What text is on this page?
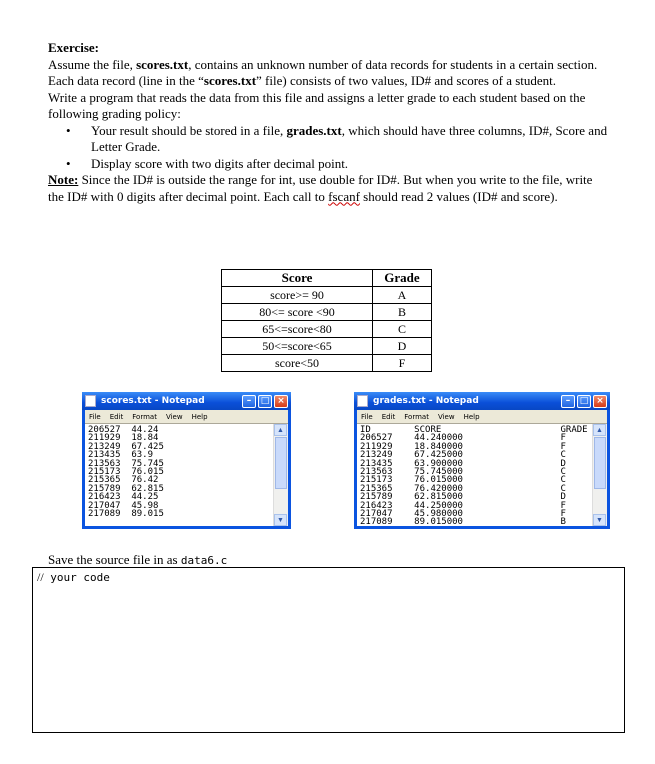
Exercise:

Assume the file, scores.txt, contains an unknown number of data records for students in a certain section. Each data record (line in the “scores.txt” file) consists of two values, ID# and scores of a student.

Write a program that reads the data from this file and assigns a letter grade to each student based on the following grading policy:

• Your result should be stored in a file, grades.txt, which should have three columns, ID#, Score and Letter Grade.
• Display score with two digits after decimal point.

Note: Since the ID# is outside the range for int, use double for ID#. But when you write to the file, write the ID# with 0 digits after decimal point. Each call to fscanf should read 2 values (ID# and score).

Score	Grade
score>= 90	A
80<= score <90	B
65<=score<80	C
50<=score<65	D
score<50	F
scores.txt - Notepad	–	□ ×
File Edit Format View Help
206527  44.24
211929  18.84
213249  67.425
213435  63.9
213563  75.745
215173  76.015
215365  76.42
215789  62.815
216423  44.25
217047  45.98
217089  89.015
▲
▼
grades.txt - Notepad	–	□ ×
File Edit Format View Help
ID        SCORE                      GRADE
206527    44.240000                  F
211929    18.840000                  F
213249    67.425000                  C
213435    63.900000                  D
213563    75.745000                  C
215173    76.015000                  C
215365    76.420000                  C
215789    62.815000                  D
216423    44.250000                  F
217047    45.980000                  F
217089    89.015000                  B
▲
▼
Save the source file in as data6.c
// your code
